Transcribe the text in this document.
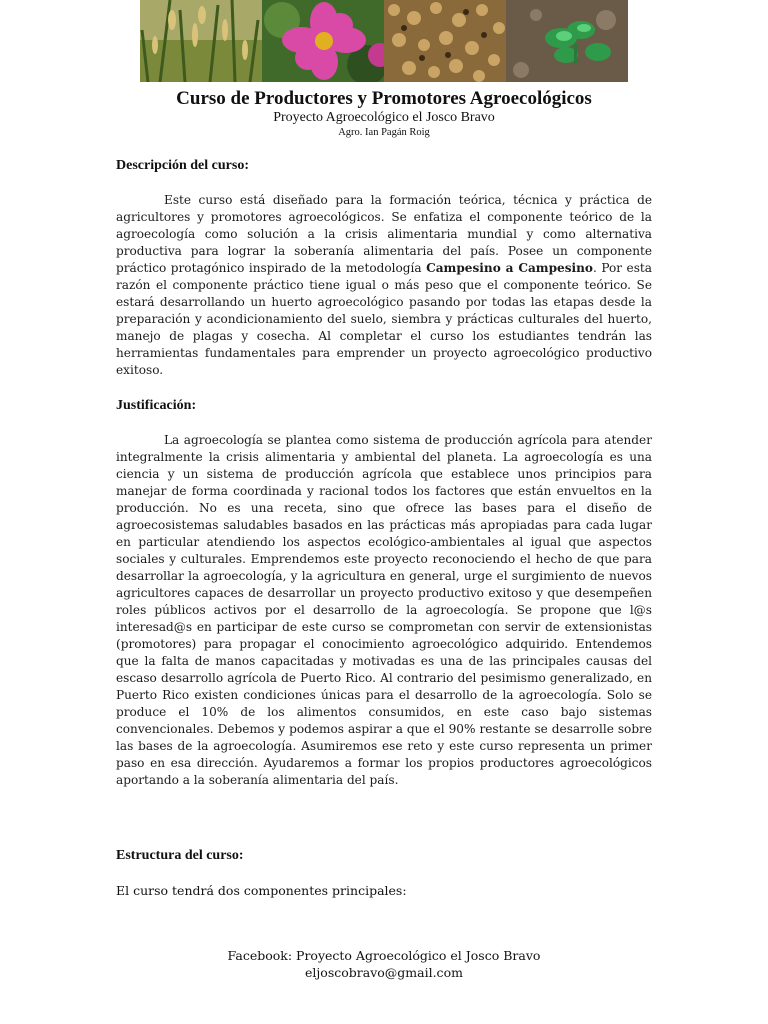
Curso de Productores y Promotores Agroecológicos
Proyecto Agroecológico el Josco Bravo
Agro. Ian Pagán Roig
Descripción del curso:

Este curso está diseñado para la formación teórica, técnica y práctica de agricultores y promotores agroecológicos. Se enfatiza el componente teórico de la agroecología como solución a la crisis alimentaria mundial y como alternativa productiva para lograr la soberanía alimentaria del país. Posee un componente práctico protagónico inspirado de la metodología Campesino a Campesino. Por esta razón el componente práctico tiene igual o más peso que el componente teórico. Se estará desarrollando un huerto agroecológico pasando por todas las etapas desde la preparación y acondicionamiento del suelo, siembra y prácticas culturales del huerto, manejo de plagas y cosecha. Al completar el curso los estudiantes tendrán las herramientas fundamentales para emprender un proyecto agroecológico productivo exitoso.

Justificación:

La agroecología se plantea como sistema de producción agrícola para atender integralmente la crisis alimentaria y ambiental del planeta. La agroecología es una ciencia y un sistema de producción agrícola que establece unos principios para manejar de forma coordinada y racional todos los factores que están envueltos en la producción. No es una receta, sino que ofrece las bases para el diseño de agroecosistemas saludables basados en las prácticas más apropiadas para cada lugar en particular atendiendo los aspectos ecológico-ambientales al igual que aspectos sociales y culturales. Emprendemos este proyecto reconociendo el hecho de que para desarrollar la agroecología, y la agricultura en general, urge el surgimiento de nuevos agricultores capaces de desarrollar un proyecto productivo exitoso y que desempeñen roles públicos activos por el desarrollo de la agroecología. Se propone que l@s interesad@s en participar de este curso se comprometan con servir de extensionistas (promotores) para propagar el conocimiento agroecológico adquirido. Entendemos que la falta de manos capacitadas y motivadas es una de las principales causas del escaso desarrollo agrícola de Puerto Rico. Al contrario del pesimismo generalizado, en Puerto Rico existen condiciones únicas para el desarrollo de la agroecología. Solo se produce el 10% de los alimentos consumidos, en este caso bajo sistemas convencionales. Debemos y podemos aspirar a que el 90% restante se desarrolle sobre las bases de la agroecología. Asumiremos ese reto y este curso representa un primer paso en esa dirección. Ayudaremos a formar los propios productores agroecológicos aportando a la soberanía alimentaria del país.

Estructura del curso:
El curso tendrá dos componentes principales:
Facebook: Proyecto Agroecológico el Josco Bravo
eljoscobravo@gmail.com
